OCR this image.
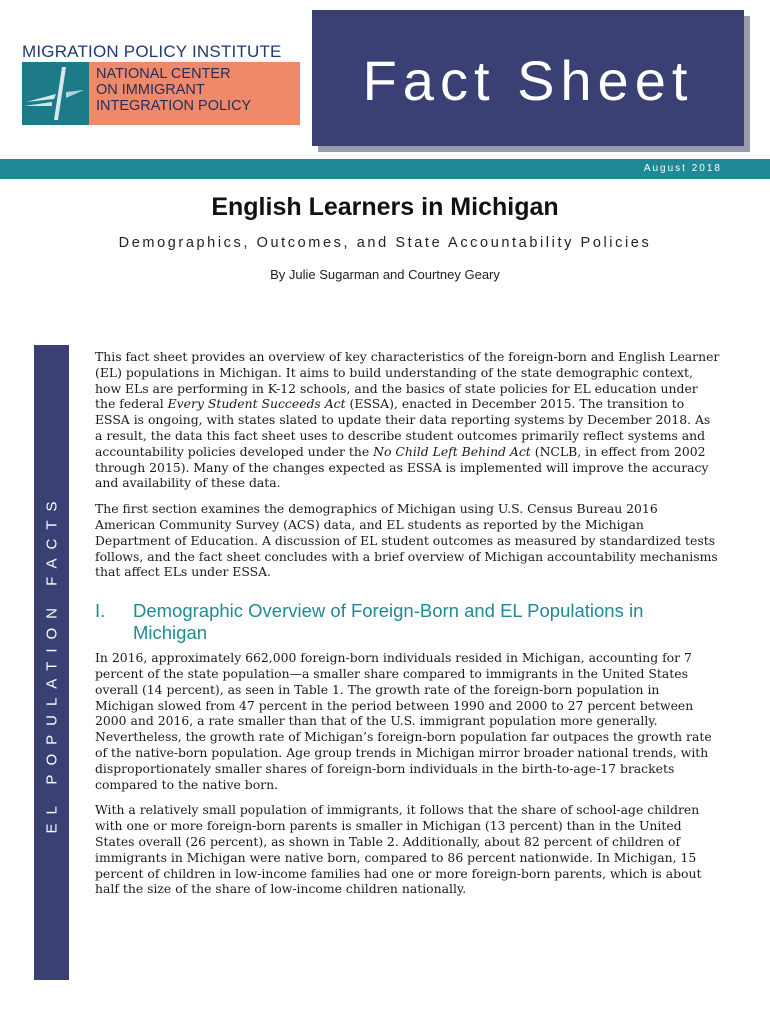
MIGRATION POLICY INSTITUTE
NATIONAL CENTER
ON IMMIGRANT
INTEGRATION POLICY	Fact Sheet
August 2018
English Learners in Michigan
Demographics, Outcomes, and State Accountability Policies
By Julie Sugarman and Courtney Geary
EL POPULATION FACTS

This fact sheet provides an overview of key characteristics of the foreign-born and English Learner (EL) populations in Michigan. It aims to build understanding of the state demographic context, how ELs are performing in K-12 schools, and the basics of state policies for EL education under the federal Every Student Succeeds Act (ESSA), enacted in December 2015. The transition to ESSA is ongoing, with states slated to update their data reporting systems by December 2018. As a result, the data this fact sheet uses to describe student outcomes primarily reflect systems and accountability policies developed under the No Child Left Behind Act (NCLB, in effect from 2002 through 2015). Many of the changes expected as ESSA is implemented will improve the accuracy and availability of these data.

The first section examines the demographics of Michigan using U.S. Census Bureau 2016 American Community Survey (ACS) data, and EL students as reported by the Michigan Department of Education. A discussion of EL student outcomes as measured by standardized tests follows, and the fact sheet concludes with a brief overview of Michigan accountability mechanisms that affect ELs under ESSA.

I.	Demographic Overview of Foreign-Born and EL Populations in Michigan

In 2016, approximately 662,000 foreign-born individuals resided in Michigan, accounting for 7 percent of the state population—a smaller share compared to immigrants in the United States overall (14 percent), as seen in Table 1. The growth rate of the foreign-born population in Michigan slowed from 47 percent in the period between 1990 and 2000 to 27 percent between 2000 and 2016, a rate smaller than that of the U.S. immigrant population more generally. Nevertheless, the growth rate of Michigan’s foreign-born population far outpaces the growth rate of the native-born population. Age group trends in Michigan mirror broader national trends, with disproportionately smaller shares of foreign-born individuals in the birth-to-age-17 brackets compared to the native born.

With a relatively small population of immigrants, it follows that the share of school-age children with one or more foreign-born parents is smaller in Michigan (13 percent) than in the United States overall (26 percent), as shown in Table 2. Additionally, about 82 percent of children of immigrants in Michigan were native born, compared to 86 percent nationwide. In Michigan, 15 percent of children in low-income families had one or more foreign-born parents, which is about half the size of the share of low-income children nationally.
